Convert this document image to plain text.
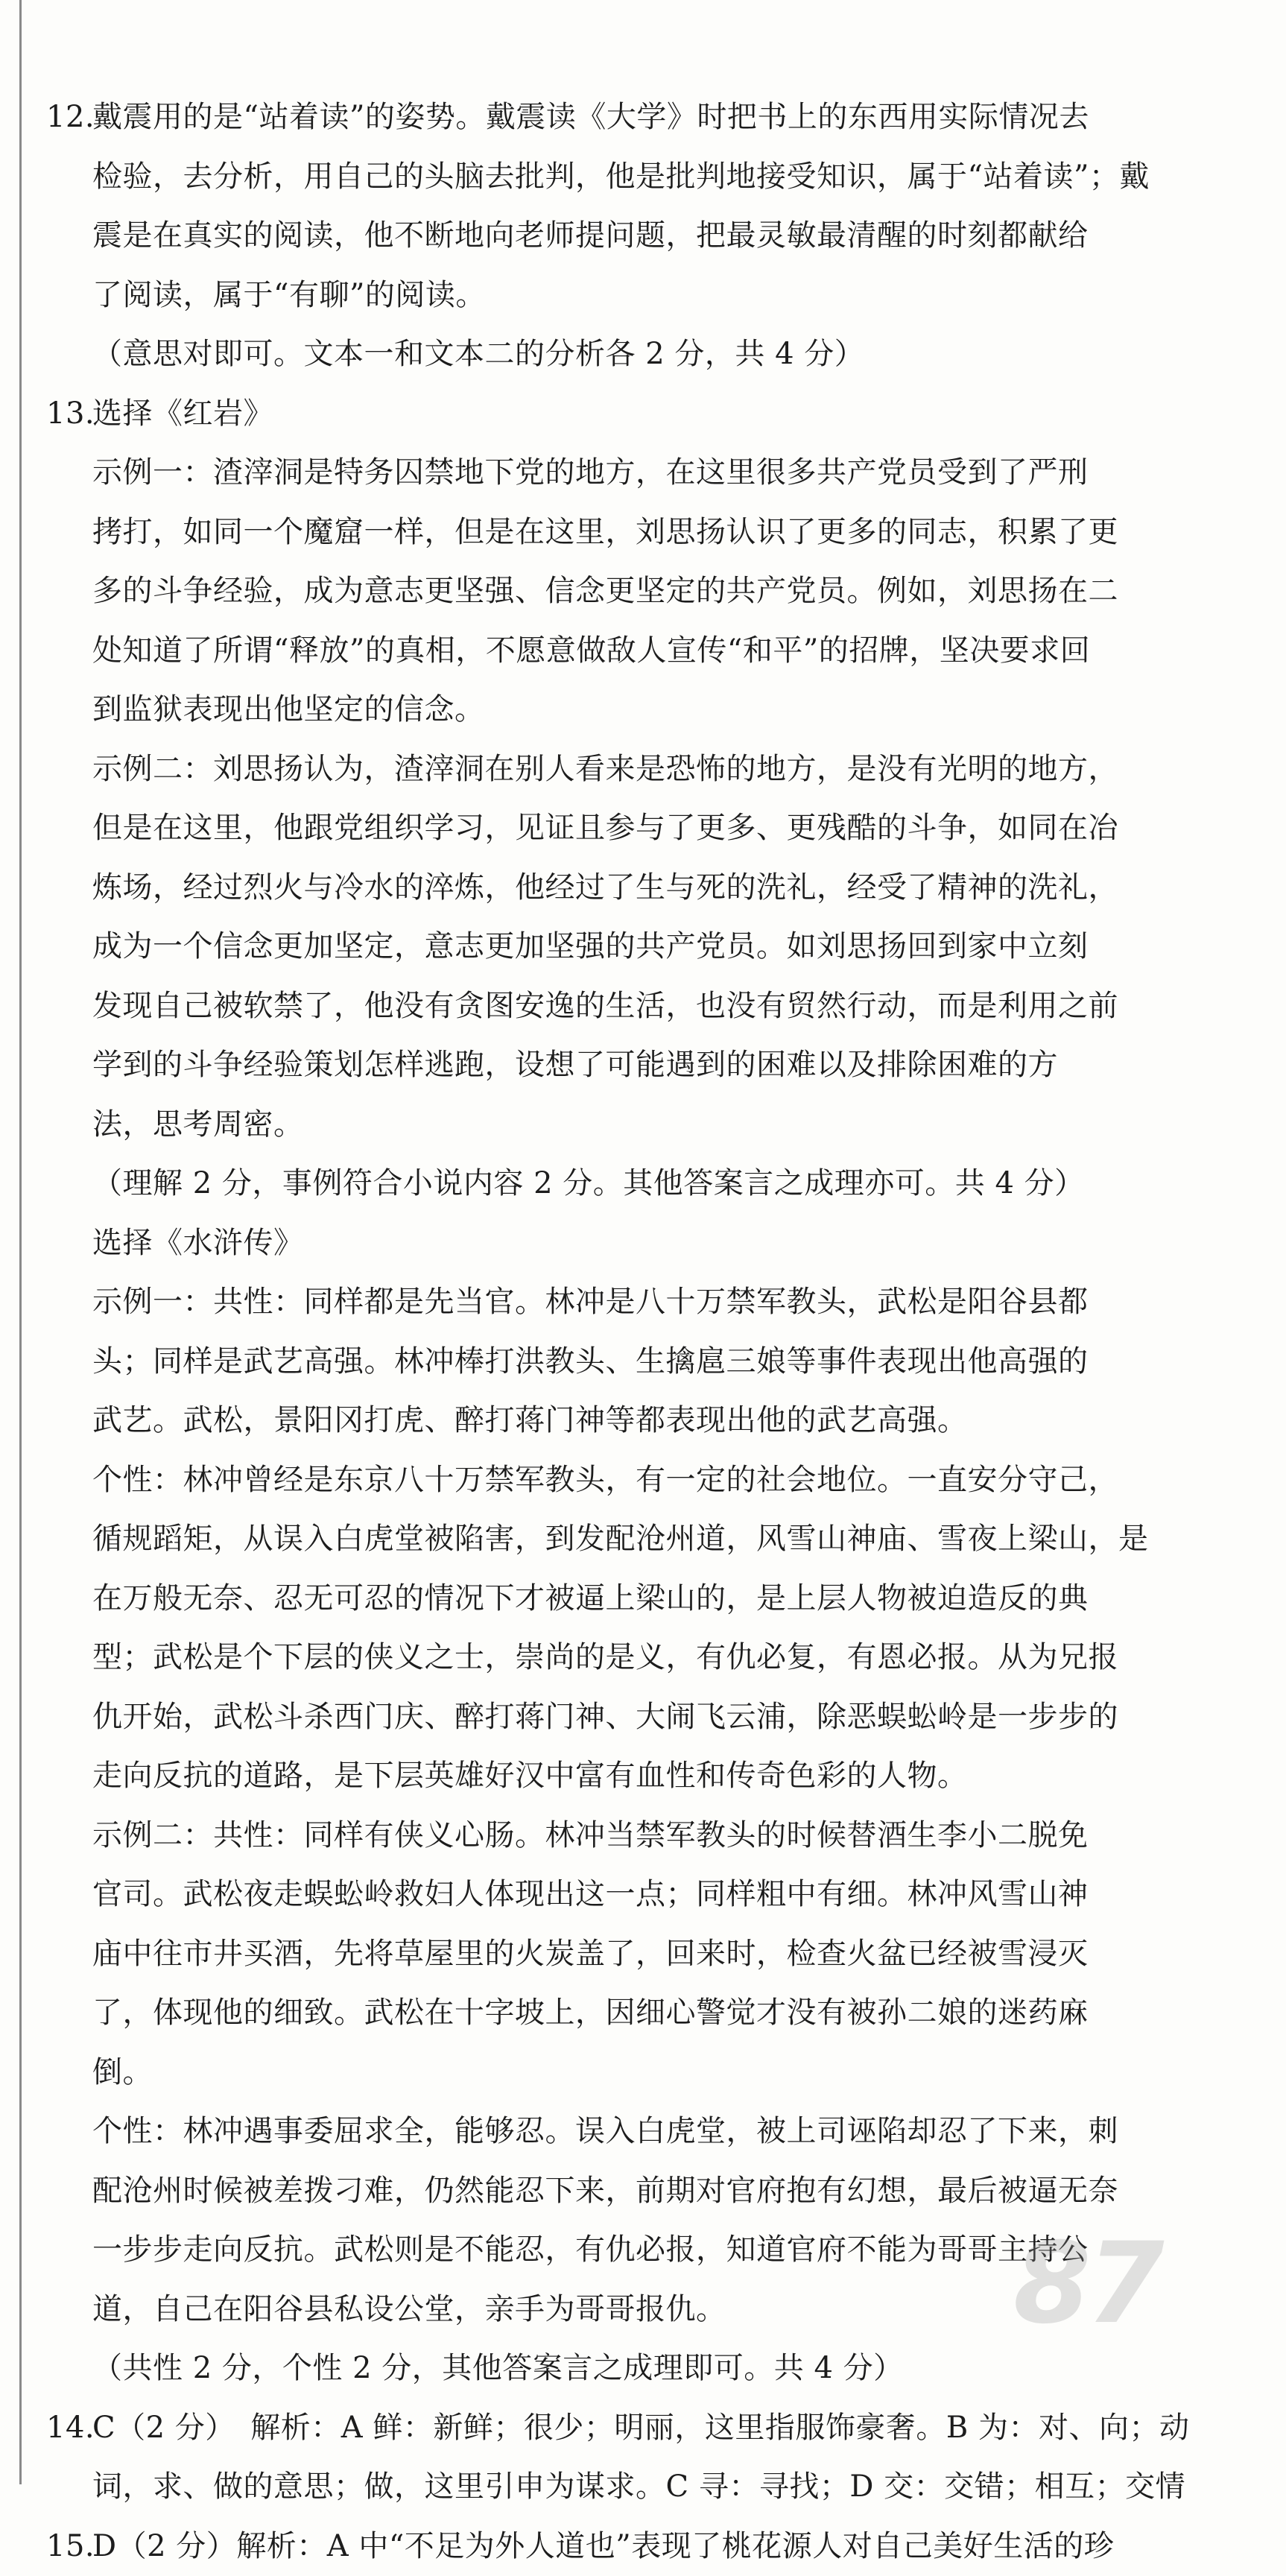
12.
戴震用的是“站着读”的姿势。戴震读《大学》时把书上的东西用实际情况去
检验，去分析，用自己的头脑去批判，他是批判地接受知识，属于“站着读”；戴
震是在真实的阅读，他不断地向老师提问题，把最灵敏最清醒的时刻都献给
了阅读，属于“有聊”的阅读。
（意思对即可。文本一和文本二的分析各 2 分，共 4 分）
13.
选择《红岩》
示例一：渣滓洞是特务囚禁地下党的地方，在这里很多共产党员受到了严刑
拷打，如同一个魔窟一样，但是在这里，刘思扬认识了更多的同志，积累了更
多的斗争经验，成为意志更坚强、信念更坚定的共产党员。例如，刘思扬在二
处知道了所谓“释放”的真相，不愿意做敌人宣传“和平”的招牌，坚决要求回
到监狱表现出他坚定的信念。
示例二：刘思扬认为，渣滓洞在别人看来是恐怖的地方，是没有光明的地方，
但是在这里，他跟党组织学习，见证且参与了更多、更残酷的斗争，如同在冶
炼场，经过烈火与冷水的淬炼，他经过了生与死的洗礼，经受了精神的洗礼，
成为一个信念更加坚定，意志更加坚强的共产党员。如刘思扬回到家中立刻
发现自己被软禁了，他没有贪图安逸的生活，也没有贸然行动，而是利用之前
学到的斗争经验策划怎样逃跑，设想了可能遇到的困难以及排除困难的方
法，思考周密。
（理解 2 分，事例符合小说内容 2 分。其他答案言之成理亦可。共 4 分）
选择《水浒传》
示例一：共性：同样都是先当官。林冲是八十万禁军教头，武松是阳谷县都
头；同样是武艺高强。林冲棒打洪教头、生擒扈三娘等事件表现出他高强的
武艺。武松，景阳冈打虎、醉打蒋门神等都表现出他的武艺高强。
个性：林冲曾经是东京八十万禁军教头，有一定的社会地位。一直安分守己，
循规蹈矩，从误入白虎堂被陷害，到发配沧州道，风雪山神庙、雪夜上梁山，是
在万般无奈、忍无可忍的情况下才被逼上梁山的，是上层人物被迫造反的典
型；武松是个下层的侠义之士，崇尚的是义，有仇必复，有恩必报。从为兄报
仇开始，武松斗杀西门庆、醉打蒋门神、大闹飞云浦，除恶蜈蚣岭是一步步的
走向反抗的道路，是下层英雄好汉中富有血性和传奇色彩的人物。
示例二：共性：同样有侠义心肠。林冲当禁军教头的时候替酒生李小二脱免
官司。武松夜走蜈蚣岭救妇人体现出这一点；同样粗中有细。林冲风雪山神
庙中往市井买酒，先将草屋里的火炭盖了，回来时，检查火盆已经被雪浸灭
了，体现他的细致。武松在十字坡上，因细心警觉才没有被孙二娘的迷药麻
倒。
个性：林冲遇事委屈求全，能够忍。误入白虎堂，被上司诬陷却忍了下来，刺
配沧州时候被差拨刁难，仍然能忍下来，前期对官府抱有幻想，最后被逼无奈
一步步走向反抗。武松则是不能忍，有仇必报，知道官府不能为哥哥主持公
道，自己在阳谷县私设公堂，亲手为哥哥报仇。
（共性 2 分，个性 2 分，其他答案言之成理即可。共 4 分）
14.
C（2 分）　解析：A 鲜：新鲜；很少；明丽，这里指服饰豪奢。B 为：对、向；动
词，求、做的意思；做，这里引申为谋求。C 寻：寻找；D 交：交错；相互；交情
15.
D（2 分）解析：A 中“不足为外人道也”表现了桃花源人对自己美好生活的珍
87
